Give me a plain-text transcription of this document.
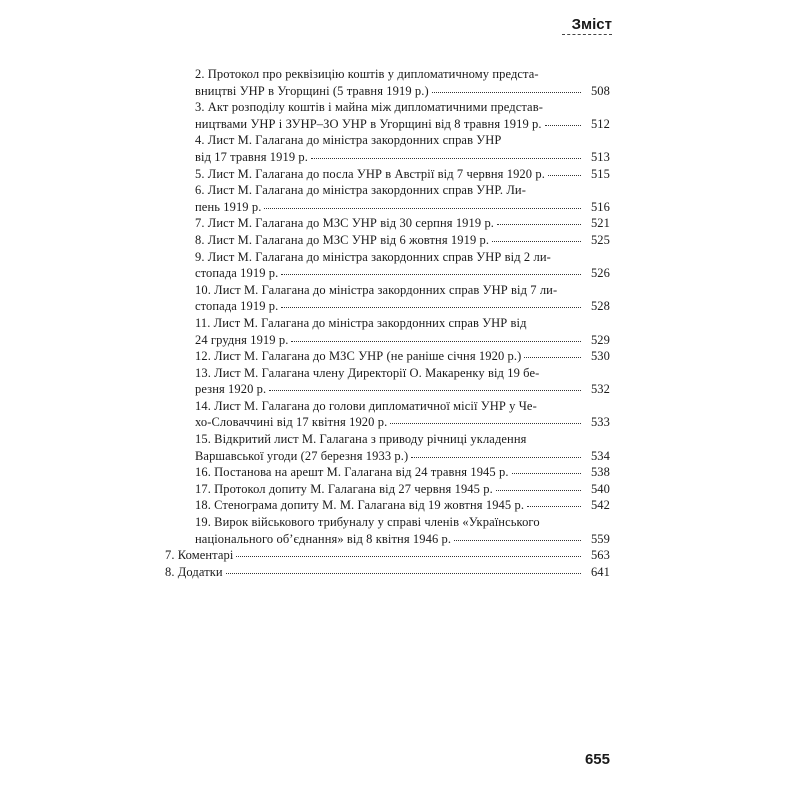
Зміст
2. Протокол про реквізицію коштів у дипломатичному предста-
вництві УНР в Угорщині (5 травня 1919 р.)	508
3. Акт розподілу коштів і майна між дипломатичними представ-
ництвами УНР і ЗУНР–ЗО УНР в Угорщині від 8 травня 1919 р.	512
4. Лист М. Галагана до міністра закордонних справ УНР
від 17 травня 1919 р.	513
5. Лист М. Галагана до посла УНР в Австрії від 7 червня 1920 р.	515
6. Лист М. Галагана до міністра закордонних справ УНР. Ли-
пень 1919 р.	516
7. Лист М. Галагана до МЗС УНР від 30 серпня 1919 р.	521
8. Лист М. Галагана до МЗС УНР від 6 жовтня 1919 р.	525
9. Лист М. Галагана до міністра закордонних справ УНР від 2 ли-
стопада 1919 р.	526
10. Лист М. Галагана до міністра закордонних справ УНР від 7 ли-
стопада 1919 р.	528
11. Лист М. Галагана до міністра закордонних справ УНР від
24 грудня 1919 р.	529
12. Лист М. Галагана до МЗС УНР (не раніше січня 1920 р.)	530
13. Лист М. Галагана члену Директорії О. Макаренку від 19 бе-
резня 1920 р.	532
14. Лист М. Галагана до голови дипломатичної місії УНР у Че-
хо-Словаччині від 17 квітня 1920 р.	533
15. Відкритий лист М. Галагана з приводу річниці укладення
Варшавської угоди (27 березня 1933 р.)	534
16. Постанова на арешт М. Галагана від 24 травня 1945 р.	538
17. Протокол допиту М. Галагана від 27 червня 1945 р.	540
18. Стенограма допиту М. М. Галагана від 19 жовтня 1945 р.	542
19. Вирок військового трибуналу у справі членів «Українського
національного об’єднання» від 8 квітня 1946 р.	559
7. Коментарі	563
8. Додатки	641
655
